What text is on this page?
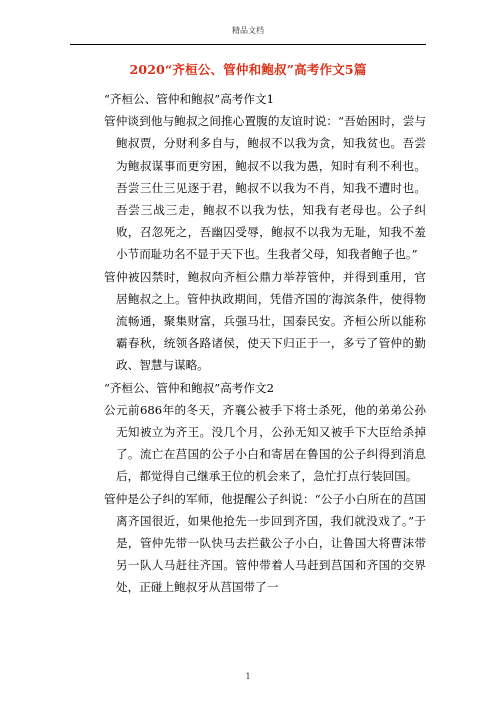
精品文档
2020“齐桓公、管仲和鲍叔”高考作文5篇

“齐桓公、管仲和鲍叔”高考作文1

管仲谈到他与鲍叔之间推心置腹的友谊时说：“吾始困时，尝与鲍叔贾，分财利多自与，鲍叔不以我为贪，知我贫也。吾尝为鲍叔谋事而更穷困，鲍叔不以我为愚，知时有利不利也。吾尝三仕三见逐于君，鲍叔不以我为不肖，知我不遭时也。吾尝三战三走，鲍叔不以我为怯，知我有老母也。公子纠败，召忽死之，吾幽囚受辱，鲍叔不以我为无耻，知我不羞小节而耻功名不显于天下也。生我者父母，知我者鲍子也。”

管仲被囚禁时，鲍叔向齐桓公鼎力举荐管仲，并得到重用，官居鲍叔之上。管仲执政期间，凭借齐国的′海滨条件，使得物流畅通，聚集财富，兵强马壮，国泰民安。齐桓公所以能称霸春秋，统领各路诸侯，使天下归正于一，多亏了管仲的勤政、智慧与谋略。

“齐桓公、管仲和鲍叔”高考作文2

公元前686年的冬天，齐襄公被手下将士杀死，他的弟弟公孙无知被立为齐王。没几个月，公孙无知又被手下大臣给杀掉了。流亡在莒国的公子小白和寄居在鲁国的公子纠得到消息后，都觉得自己继承王位的机会来了，急忙打点行装回国。

管仲是公子纠的军师，他提醒公子纠说：“公子小白所在的莒国离齐国很近，如果他抢先一步回到齐国，我们就没戏了。”于是，管仲先带一队快马去拦截公子小白，让鲁国大将曹沫带另一队人马赶往齐国。管仲带着人马赶到莒国和齐国的交界处，正碰上鲍叔牙从莒国带了一

1
